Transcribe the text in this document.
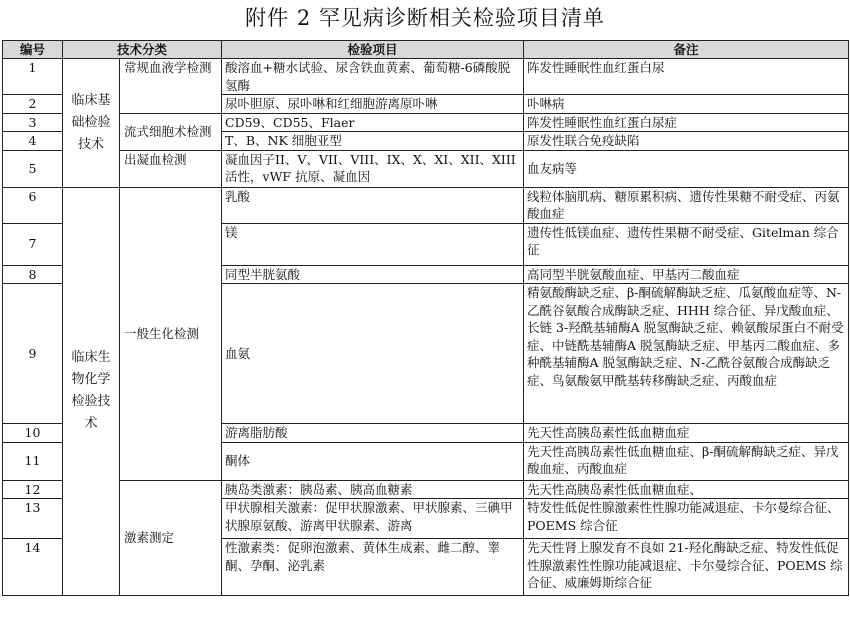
附件 2 罕见病诊断相关检验项目清单
编号	技术分类		检验项目	备注
1	临床基础检验技术	常规血液学检测	酸溶血+糖水试验、尿含铁血黄素、葡萄糖-6磷酸脱氢酶	阵发性睡眠性血红蛋白尿
2			尿卟胆原、尿卟啉和红细胞游离原卟啉	卟啉病
3		流式细胞术检测	CD59、CD55、Flaer	阵发性睡眠性血红蛋白尿症
4			T、B、NK 细胞亚型	原发性联合免疫缺陷
5		出凝血检测	凝血因子II、V、VII、VIII、IX、X、XI、XII、XIII 活性，vWF 抗原、凝血因	血友病等
6	临床生物化学检验技术	一般生化检测	乳酸	线粒体脑肌病、糖原累积病、遗传性果糖不耐受症、丙氨酸血症
7			镁	遗传性低镁血症、遗传性果糖不耐受症、Gitelman 综合征
8			同型半胱氨酸	高同型半胱氨酸血症、甲基丙二酸血症
9			血氨	精氨酸酶缺乏症、β-酮硫解酶缺乏症、瓜氨酸血症等、N-乙酰谷氨酸合成酶缺乏症、HHH 综合征、异戊酸血症、长链 3-羟酰基辅酶A 脱氢酶缺乏症、赖氨酸尿蛋白不耐受症、中链酰基辅酶A 脱氢酶缺乏症、甲基丙二酸血症、多种酰基辅酶A 脱氢酶缺乏症、N-乙酰谷氨酸合成酶缺乏症、鸟氨酸氨甲酰基转移酶缺乏症、丙酸血症
10			游离脂肪酸	先天性高胰岛素性低血糖血症
11			酮体	先天性高胰岛素性低血糖血症、β-酮硫解酶缺乏症、异戊酸血症、丙酸血症
12		激素测定	胰岛类激素：胰岛素、胰高血糖素	先天性高胰岛素性低血糖血症、
13			甲状腺相关激素：促甲状腺激素、甲状腺素、三碘甲状腺原氨酸、游离甲状腺素、游离	特发性低促性腺激素性性腺功能减退症、卡尔曼综合征、POEMS 综合征
14			性激素类：促卵泡激素、黄体生成素、雌二醇、睾酮、孕酮、泌乳素	先天性肾上腺发育不良如 21-羟化酶缺乏症、特发性低促性腺激素性性腺功能减退症、卡尔曼综合征、POEMS 综合征、威廉姆斯综合征
